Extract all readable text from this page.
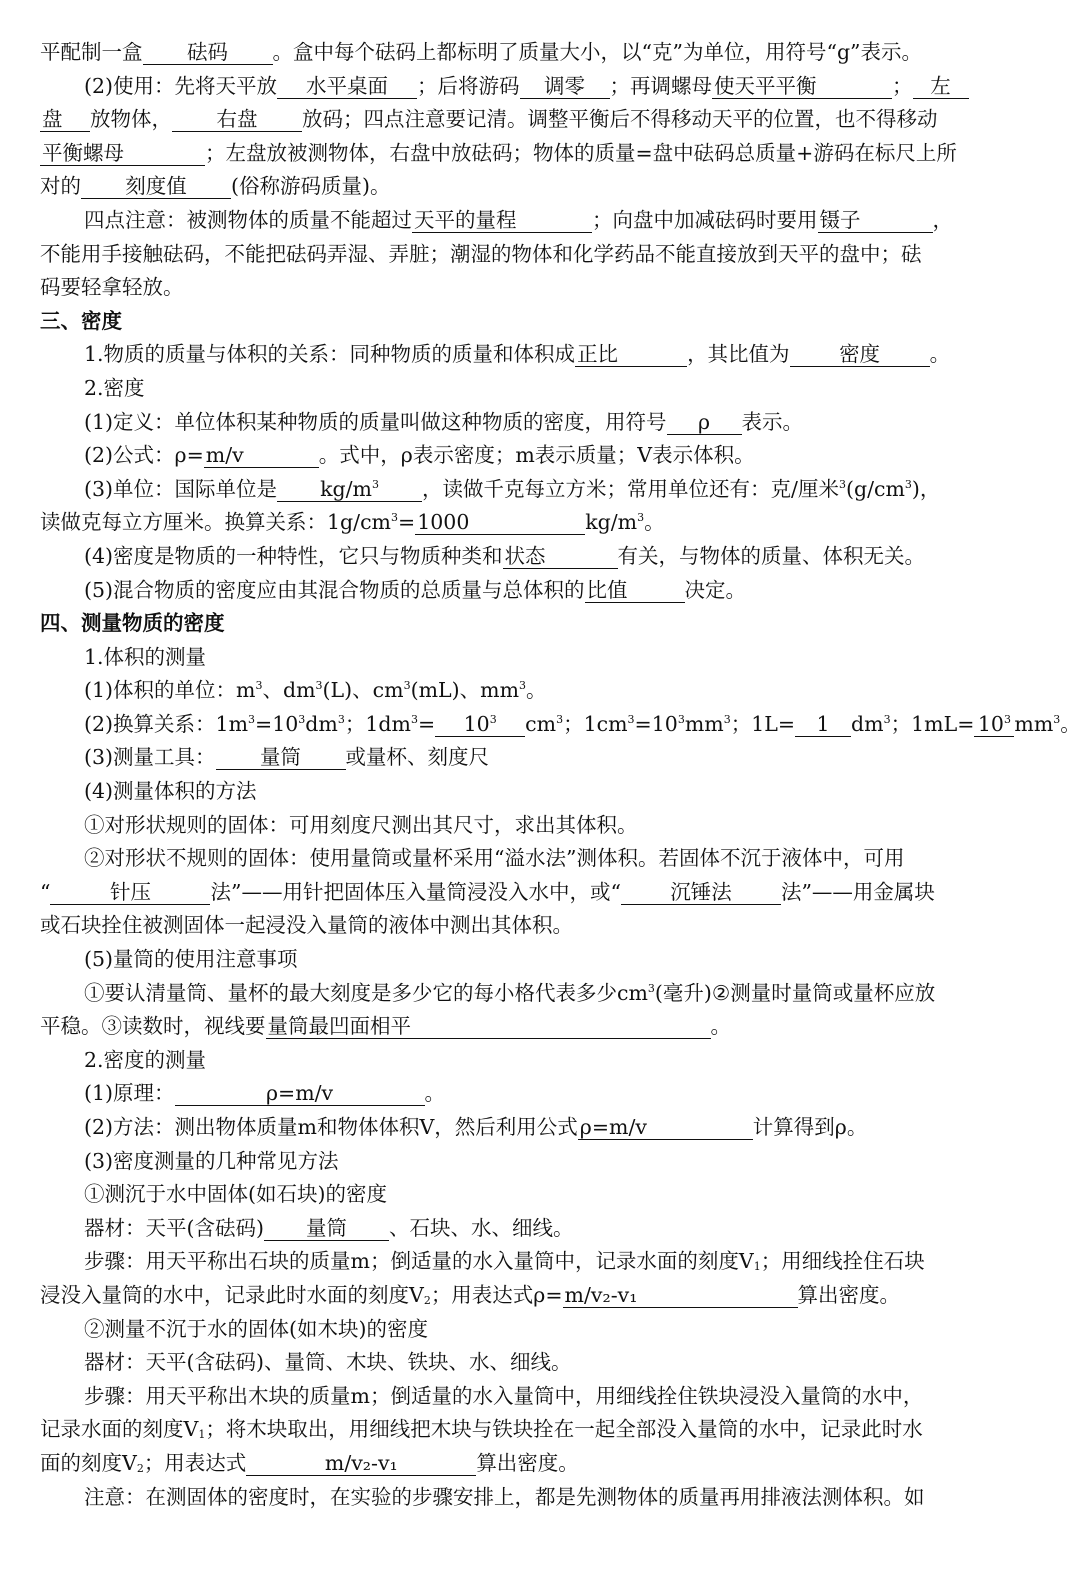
平配制一盒 砝码 。盒中每个砝码上都标明了质量大小，以“克”为单位，用符号“g”表示。
(2)使用：先将天平放 水平桌面 ；后将游码 调零 ；再调螺母使天平平衡	； 左
盘 放物体， 右盘 放码；四点注意要记清。调整平衡后不得移动天平的位置，也不得移动
平衡螺母	；左盘放被测物体，右盘中放砝码；物体的质量=盘中砝码总质量+游码在标尺上所
对的 刻度值 (俗称游码质量)。
四点注意：被测物体的质量不能超过天平的量程	；向盘中加减砝码时要用镊子	，
不能用手接触砝码，不能把砝码弄湿、弄脏；潮湿的物体和化学药品不能直接放到天平的盘中；砝
码要轻拿轻放。
三、密度
1.物质的质量与体积的关系：同种物质的质量和体积成正比	，其比值为 密度 。
2.密度
(1)定义：单位体积某种物质的质量叫做这种物质的密度，用符号 ρ 表示。
(2)公式：ρ=m/v	。式中，ρ表示密度；m表示质量；V表示体积。
(3)单位：国际单位是 $kg/m^3$ ，读做千克每立方米；常用单位还有：克/厘米$^3(g/cm^3)$，
读做克每立方厘米。换算关系：$1g/cm^3=1000$	$kg/m^3$。
(4)密度是物质的一种特性，它只与物质种类和状态	有关，与物体的质量、体积无关。
(5)混合物质的密度应由其混合物质的总质量与总体积的比值	决定。
四、测量物质的密度
1.体积的测量
(1)体积的单位：$m^3$、$dm^3(L)$、$cm^3(mL)$、$mm^3$。
(2)换算关系：$1m^3=10^3dm^3$；$1dm^3= 10^3$ $cm^3$；$1cm^3=10^3mm^3$；1L= 1 $dm^3$；$1mL= 10^3$ $mm^3$。
(3)测量工具： 量筒 或量杯、刻度尺
(4)测量体积的方法
①对形状规则的固体：可用刻度尺测出其尺寸，求出其体积。
②对形状不规则的固体：使用量筒或量杯采用“溢水法”测体积。若固体不沉于液体中，可用
“	针压	法”——用针把固体压入量筒浸没入水中，或“ 沉锤法 法”——用金属块
或石块拴住被测固体一起浸没入量筒的液体中测出其体积。
(5)量筒的使用注意事项
①要认清量筒、量杯的最大刻度是多少它的每小格代表多少$cm^3$(毫升)②测量时量筒或量杯应放
平稳。③读数时，视线要量筒最凹面相平	。
2.密度的测量
(1)原理：	ρ=m/v	。
(2)方法：测出物体质量m和物体体积V，然后利用公式ρ=m/v	计算得到ρ。
(3)密度测量的几种常见方法
①测沉于水中固体(如石块)的密度
器材：天平(含砝码) 量筒 、石块、水、细线。
步骤：用天平称出石块的质量m；倒适量的水入量筒中，记录水面的刻度$V_1$；用细线拴住石块
浸没入量筒的水中，记录此时水面的刻度$V_2$；用表达式ρ=m/v₂-v₁	算出密度。
②测量不沉于水的固体(如木块)的密度
器材：天平(含砝码)、量筒、木块、铁块、水、细线。
步骤：用天平称出木块的质量m；倒适量的水入量筒中，用细线拴住铁块浸没入量筒的水中，
记录水面的刻度$V_1$；将木块取出，用细线把木块与铁块拴在一起全部没入量筒的水中，记录此时水
面的刻度$V_2$；用表达式	m/v₂-v₁	算出密度。
注意：在测固体的密度时，在实验的步骤安排上，都是先测物体的质量再用排液法测体积。如
